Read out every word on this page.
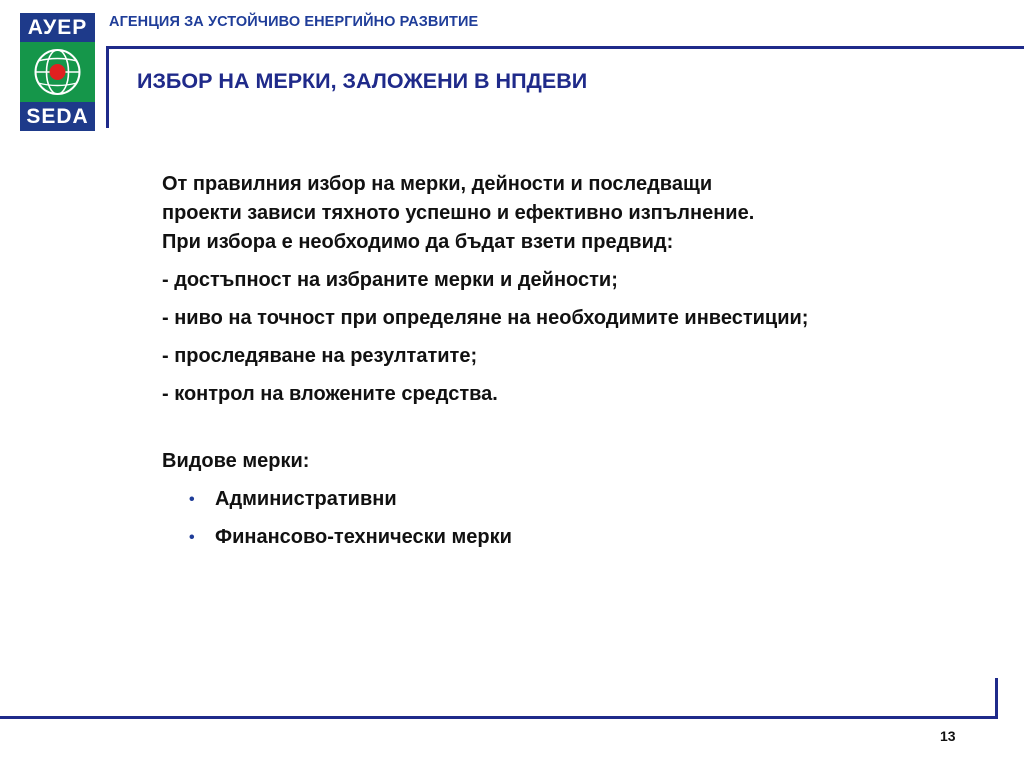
АУЕР
SEDA
АГЕНЦИЯ ЗА УСТОЙЧИВО ЕНЕРГИЙНО РАЗВИТИЕ
ИЗБОР НА МЕРКИ, ЗАЛОЖЕНИ В НПДЕВИ
От правилния избор на мерки, дейности и последващи
проекти зависи тяхното успешно и ефективно изпълнение.
При избора е необходимо да бъдат взети предвид:
- достъпност на избраните мерки и дейности;
- ниво на точност при определяне на необходимите инвестиции;
- проследяване на резултатите;
- контрол на вложените средства.
Видове мерки:
• Административни
• Финансово-технически мерки
13
